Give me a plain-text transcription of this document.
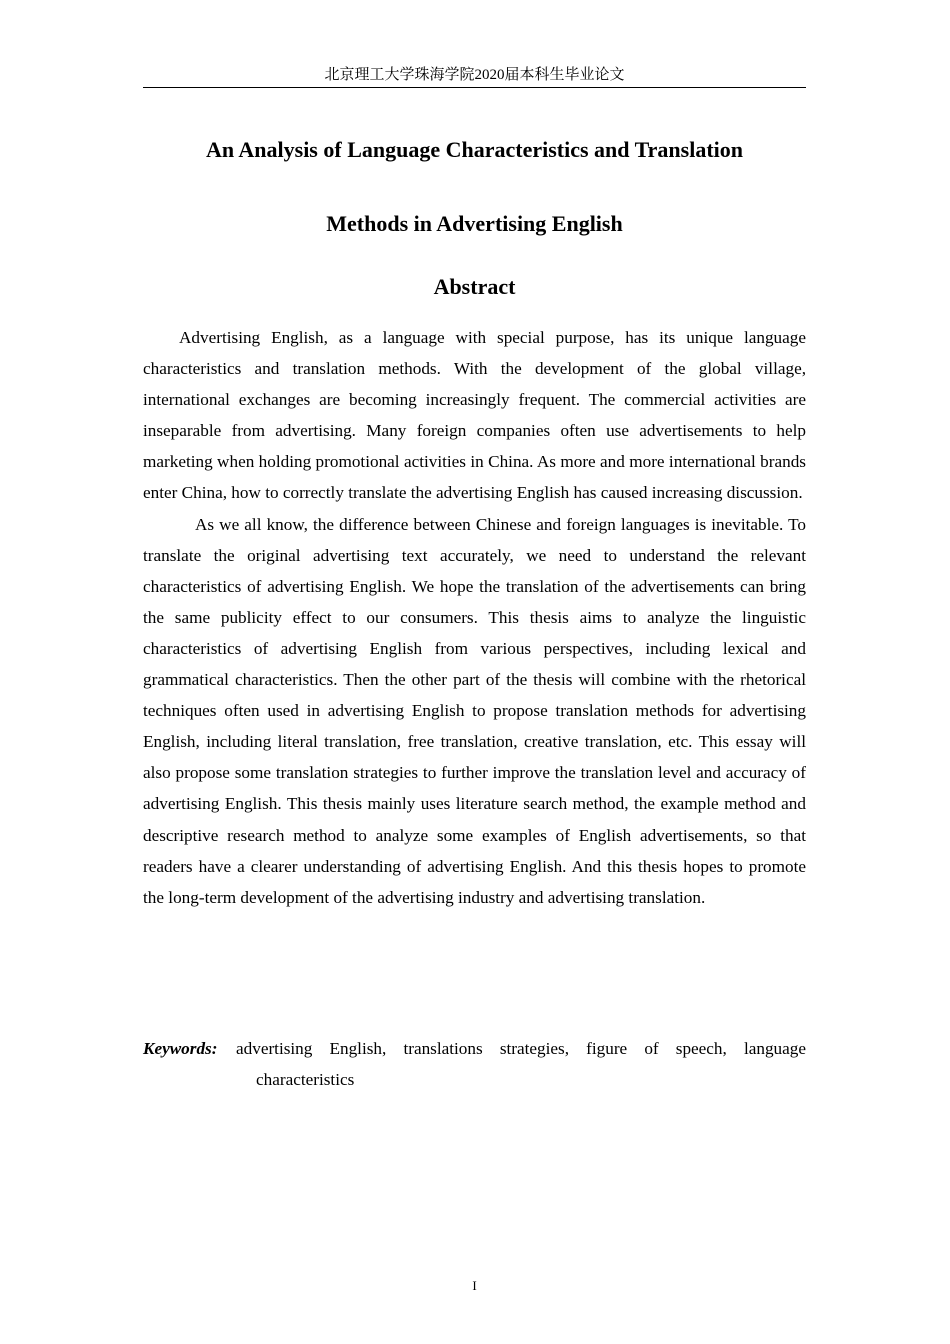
北京理工大学珠海学院2020届本科生毕业论文
An Analysis of Language Characteristics and Translation
Methods in Advertising English
Abstract

Advertising English, as a language with special purpose, has its unique language characteristics and translation methods. With the development of the global village, international exchanges are becoming increasingly frequent. The commercial activities are inseparable from advertising. Many foreign companies often use advertisements to help marketing when holding promotional activities in China. As more and more international brands enter China, how to correctly translate the advertising English has caused increasing discussion.

As we all know, the difference between Chinese and foreign languages is inevitable. To translate the original advertising text accurately, we need to understand the relevant characteristics of advertising English. We hope the translation of the advertisements can bring the same publicity effect to our consumers. This thesis aims to analyze the linguistic characteristics of advertising English from various perspectives, including lexical and grammatical characteristics. Then the other part of the thesis will combine with the rhetorical techniques often used in advertising English to propose translation methods for advertising English, including literal translation, free translation, creative translation, etc. This essay will also propose some translation strategies to further improve the translation level and accuracy of advertising English. This thesis mainly uses literature search method, the example method and descriptive research method to analyze some examples of English advertisements, so that readers have a clearer understanding of advertising English. And this thesis hopes to promote the long-term development of the advertising industry and advertising translation.

Keywords: advertising English, translations strategies, figure of speech, language characteristics
I
